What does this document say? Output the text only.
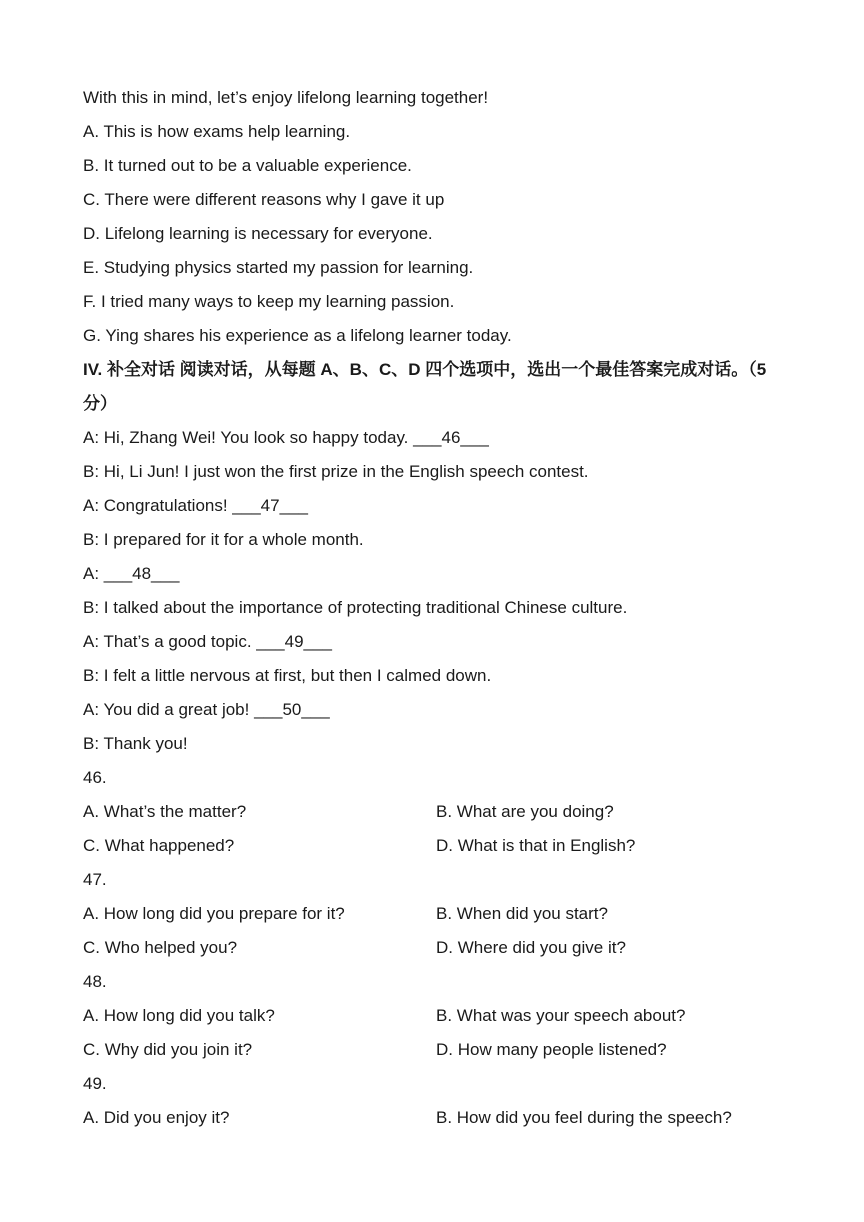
With this in mind, let’s enjoy lifelong learning together!
A. This is how exams help learning.
B. It turned out to be a valuable experience.
C. There were different reasons why I gave it up
D. Lifelong learning is necessary for everyone.
E. Studying physics started my passion for learning.
F. I tried many ways to keep my learning passion.
G. Ying shares his experience as a lifelong learner today.
IV. 补全对话 阅读对话，从每题 A、B、C、D 四个选项中，选出一个最佳答案完成对话。（5
分）
A: Hi, Zhang Wei! You look so happy today. ___46___
B: Hi, Li Jun! I just won the first prize in the English speech contest.
A: Congratulations! ___47___
B: I prepared for it for a whole month.
A: ___48___
B: I talked about the importance of protecting traditional Chinese culture.
A: That’s a good topic. ___49___
B: I felt a little nervous at first, but then I calmed down.
A: You did a great job! ___50___
B: Thank you!
46.
A. What’s the matter?	B. What are you doing?
C. What happened?	D. What is that in English?
47.
A. How long did you prepare for it?	B. When did you start?
C. Who helped you?	D. Where did you give it?
48.
A. How long did you talk?	B. What was your speech about?
C. Why did you join it?	D. How many people listened?
49.
A. Did you enjoy it?	B. How did you feel during the speech?
